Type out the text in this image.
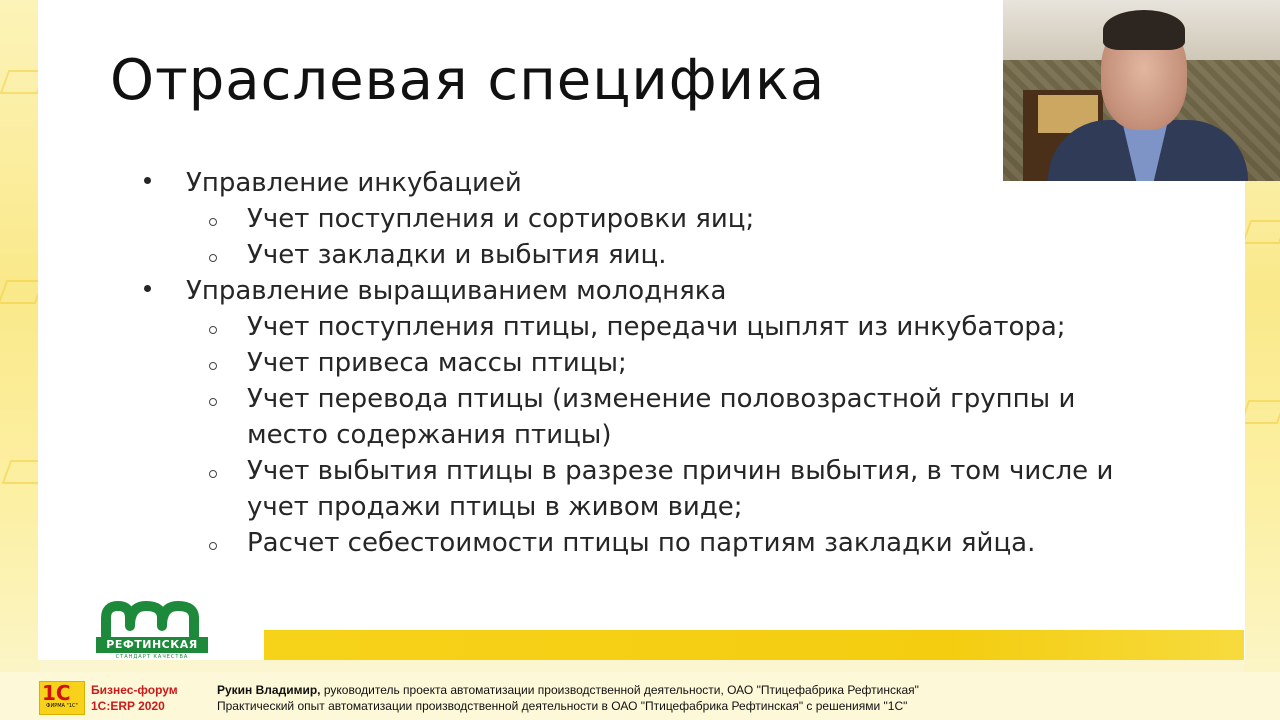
Отраслевая специфика
Управление инкубацией
Учет поступления и сортировки яиц;
Учет закладки и выбытия яиц.
Управление выращиванием молодняка
Учет поступления птицы, передачи цыплят из инкубатора;
Учет привеса массы птицы;
Учет перевода птицы (изменение половозрастной группы и
место содержания птицы)
Учет выбытия птицы в разрезе причин выбытия, в том числе и
учет продажи птицы в живом виде;
Расчет себестоимости птицы по партиям закладки яйца.
РЕФТИНСКАЯ
СТАНДАРТ КАЧЕСТВА
1С
ФИРМА "1С"
Бизнес-форум
1С:ERP 2020
Рукин Владимир, руководитель проекта автоматизации производственной деятельности, ОАО "Птицефабрика Рефтинская"
Практический опыт автоматизации производственной деятельности в ОАО "Птицефабрика Рефтинская" с решениями "1С"
